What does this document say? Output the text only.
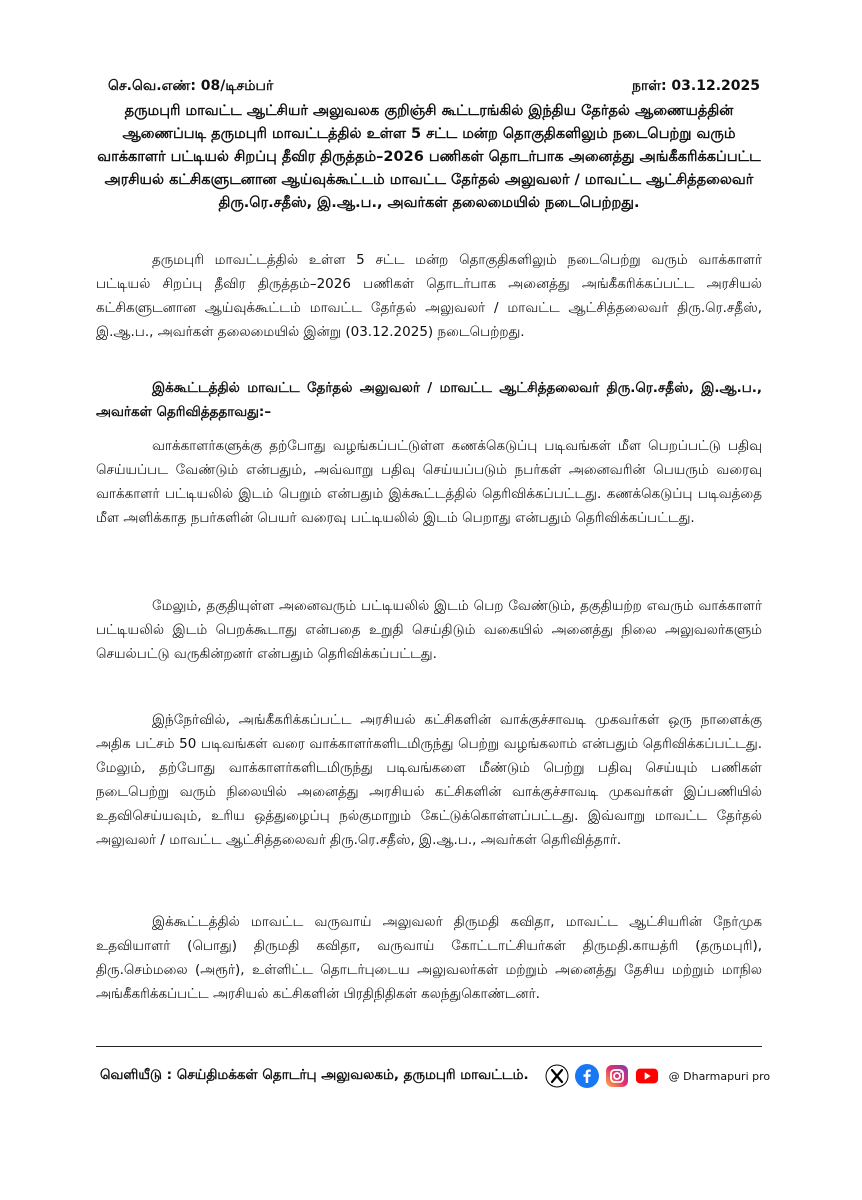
செ.வெ.எண்: 08/டிசம்பர்	நாள்: 03.12.2025
தருமபுரி மாவட்ட ஆட்சியர் அலுவலக குறிஞ்சி கூட்டரங்கில் இந்திய தேர்தல் ஆணையத்தின் ஆணைப்படி தருமபுரி மாவட்டத்தில் உள்ள 5 சட்ட மன்ற தொகுதிகளிலும் நடைபெற்று வரும் வாக்காளர் பட்டியல் சிறப்பு தீவிர திருத்தம்–2026 பணிகள் தொடர்பாக அனைத்து அங்கீகரிக்கப்பட்ட அரசியல் கட்சிகளுடனான ஆய்வுக்கூட்டம் மாவட்ட தேர்தல் அலுவலர் / மாவட்ட ஆட்சித்தலைவர் திரு.ரெ.சதீஸ், இ.ஆ.ப., அவர்கள் தலைமையில் நடைபெற்றது.

தருமபுரி மாவட்டத்தில் உள்ள 5 சட்ட மன்ற தொகுதிகளிலும் நடைபெற்று வரும் வாக்காளர் பட்டியல் சிறப்பு தீவிர திருத்தம்–2026 பணிகள் தொடர்பாக அனைத்து அங்கீகரிக்கப்பட்ட அரசியல் கட்சிகளுடனான ஆய்வுக்கூட்டம் மாவட்ட தேர்தல் அலுவலர் / மாவட்ட ஆட்சித்தலைவர் திரு.ரெ.சதீஸ், இ.ஆ.ப., அவர்கள் தலைமையில் இன்று (03.12.2025) நடைபெற்றது.

இக்கூட்டத்தில் மாவட்ட தேர்தல் அலுவலர் / மாவட்ட ஆட்சித்தலைவர் திரு.ரெ.சதீஸ், இ.ஆ.ப., அவர்கள் தெரிவித்ததாவது:–

வாக்காளர்களுக்கு தற்போது வழங்கப்பட்டுள்ள கணக்கெடுப்பு படிவங்கள் மீள பெறப்பட்டு பதிவு செய்யப்பட வேண்டும் என்பதும், அவ்வாறு பதிவு செய்யப்படும் நபர்கள் அனைவரின் பெயரும் வரைவு வாக்காளர் பட்டியலில் இடம் பெறும் என்பதும் இக்கூட்டத்தில் தெரிவிக்கப்பட்டது. கணக்கெடுப்பு படிவத்தை மீள அளிக்காத நபர்களின் பெயர் வரைவு பட்டியலில் இடம் பெறாது என்பதும் தெரிவிக்கப்பட்டது.

மேலும், தகுதியுள்ள அனைவரும் பட்டியலில் இடம் பெற வேண்டும், தகுதியற்ற எவரும் வாக்காளர் பட்டியலில் இடம் பெறக்கூடாது என்பதை உறுதி செய்திடும் வகையில் அனைத்து நிலை அலுவலர்களும் செயல்பட்டு வருகின்றனர் என்பதும் தெரிவிக்கப்பட்டது.

இந்நேர்வில், அங்கீகரிக்கப்பட்ட அரசியல் கட்சிகளின் வாக்குச்சாவடி முகவர்கள் ஒரு நாளைக்கு அதிக பட்சம் 50 படிவங்கள் வரை வாக்காளர்களிடமிருந்து பெற்று வழங்கலாம் என்பதும் தெரிவிக்கப்பட்டது. மேலும், தற்போது வாக்காளர்களிடமிருந்து படிவங்களை மீண்டும் பெற்று பதிவு செய்யும் பணிகள் நடைபெற்று வரும் நிலையில் அனைத்து அரசியல் கட்சிகளின் வாக்குச்சாவடி முகவர்கள் இப்பணியில் உதவிசெய்யவும், உரிய ஒத்துழைப்பு நல்குமாறும் கேட்டுக்கொள்ளப்பட்டது. இவ்வாறு மாவட்ட தேர்தல் அலுவலர் / மாவட்ட ஆட்சித்தலைவர் திரு.ரெ.சதீஸ், இ.ஆ.ப., அவர்கள் தெரிவித்தார்.

இக்கூட்டத்தில் மாவட்ட வருவாய் அலுவலர் திருமதி கவிதா, மாவட்ட ஆட்சியரின் நேர்முக உதவியாளர் (பொது) திருமதி கவிதா, வருவாய் கோட்டாட்சியர்கள் திருமதி.காயத்ரி (தருமபுரி), திரு.செம்மலை (அரூர்), உள்ளிட்ட தொடர்புடைய அலுவலர்கள் மற்றும் அனைத்து தேசிய மற்றும் மாநில அங்கீகரிக்கப்பட்ட அரசியல் கட்சிகளின் பிரதிநிதிகள் கலந்துகொண்டனர்.

வெளியீடு : செய்திமக்கள் தொடர்பு அலுவலகம், தருமபுரி மாவட்டம்.	@ Dharmapuri pro
